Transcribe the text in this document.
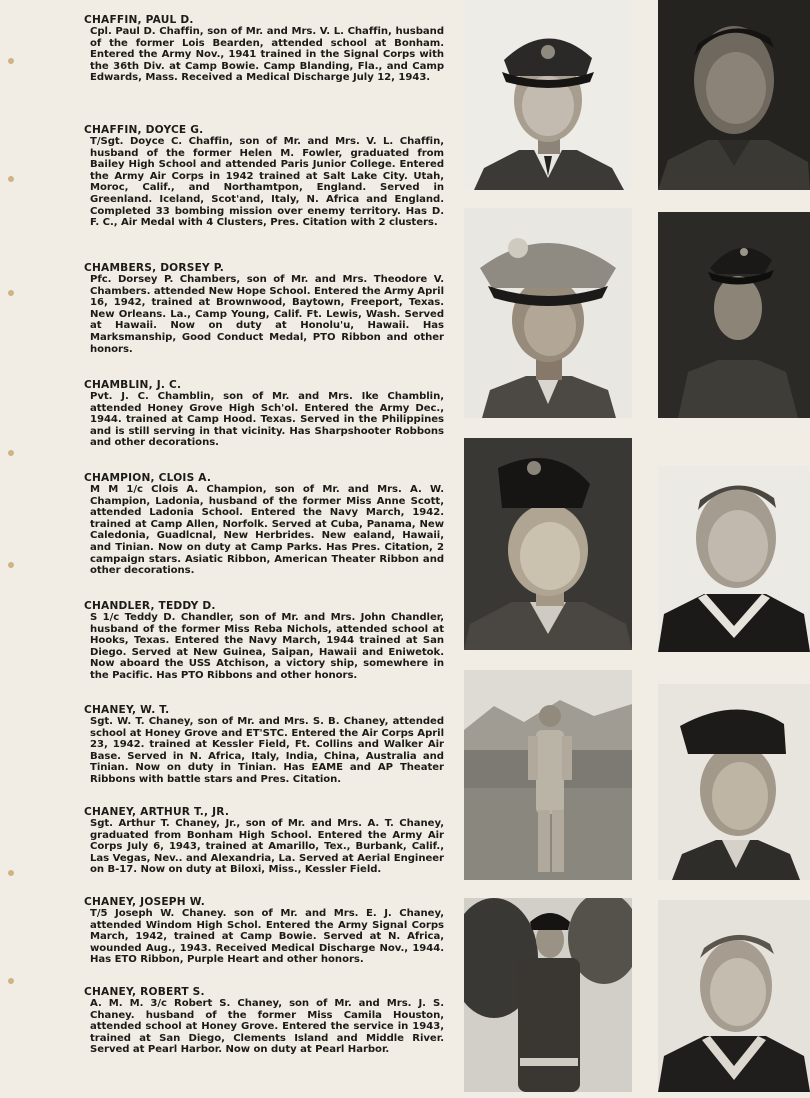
CHAFFIN, PAUL D.
Cpl. Paul D. Chaffin, son of Mr. and Mrs. V. L. Chaffin, husband of the former Lois Bearden, attended school at Bonham. Entered the Army Nov., 1941 trained in the Signal Corps with the 36th Div. at Camp Bowie. Camp Blanding, Fla., and Camp Edwards, Mass. Received a Medical Discharge July 12, 1943.
CHAFFIN, DOYCE G.
T/Sgt. Doyce C. Chaffin, son of Mr. and Mrs. V. L. Chaffin, husband of the former Helen M. Fowler, graduated from Bailey High School and attended Paris Junior College. Entered the Army Air Corps in 1942 trained at Salt Lake City. Utah, Moroc, Calif., and Northamtpon, England. Served in Greenland. Iceland, Scot'and, Italy, N. Africa and England. Completed 33 bombing mission over enemy territory. Has D. F. C., Air Medal with 4 Clusters, Pres. Citation with 2 clusters.
CHAMBERS, DORSEY P.
Pfc. Dorsey P. Chambers, son of Mr. and Mrs. Theodore V. Chambers. attended New Hope School. Entered the Army April 16, 1942, trained at Brownwood, Baytown, Freeport, Texas. New Orleans. La., Camp Young, Calif. Ft. Lewis, Wash. Served at Hawaii. Now on duty at Honolu'u, Hawaii. Has Marksmanship, Good Conduct Medal, PTO Ribbon and other honors.
CHAMBLIN, J. C.
Pvt. J. C. Chamblin, son of Mr. and Mrs. Ike Chamblin, attended Honey Grove High Sch'ol. Entered the Army Dec., 1944. trained at Camp Hood. Texas. Served in the Philippines and is still serving in that vicinity. Has Sharpshooter Robbons and other decorations.
CHAMPION, CLOIS A.
M M 1/c Clois A. Champion, son of Mr. and Mrs. A. W. Champion, Ladonia, husband of the former Miss Anne Scott, attended Ladonia School. Entered the Navy March, 1942. trained at Camp Allen, Norfolk. Served at Cuba, Panama, New Caledonia, Guadlcnal, New Herbrides. New ealand, Hawaii, and Tinian. Now on duty at Camp Parks. Has Pres. Citation, 2 campaign stars. Asiatic Ribbon, American Theater Ribbon and other decorations.
CHANDLER, TEDDY D.
S 1/c Teddy D. Chandler, son of Mr. and Mrs. John Chandler, husband of the former Miss Reba Nichols, attended school at Hooks, Texas. Entered the Navy March, 1944 trained at San Diego. Served at New Guinea, Saipan, Hawaii and Eniwetok. Now aboard the USS Atchison, a victory ship, somewhere in the Pacific. Has PTO Ribbons and other honors.
CHANEY, W. T.
Sgt. W. T. Chaney, son of Mr. and Mrs. S. B. Chaney, attended school at Honey Grove and ET'STC. Entered the Air Corps April 23, 1942. trained at Kessler Field, Ft. Collins and Walker Air Base. Served in N. Africa, Italy, India, China, Australia and Tinian. Now on duty in Tinian. Has EAME and AP Theater Ribbons with battle stars and Pres. Citation.
CHANEY, ARTHUR T., JR.
Sgt. Arthur T. Chaney, Jr., son of Mr. and Mrs. A. T. Chaney, graduated from Bonham High School. Entered the Army Air Corps July 6, 1943, trained at Amarillo, Tex., Burbank, Calif., Las Vegas, Nev.. and Alexandria, La. Served at Aerial Engineer on B-17. Now on duty at Biloxi, Miss., Kessler Field.
CHANEY, JOSEPH W.
T/5 Joseph W. Chaney. son of Mr. and Mrs. E. J. Chaney, attended Windom High Schol. Entered the Army Signal Corps March, 1942, trained at Camp Bowie. Served at N. Africa, wounded Aug., 1943. Received Medical Discharge Nov., 1944. Has ETO Ribbon, Purple Heart and other honors.
CHANEY, ROBERT S.
A. M. M. 3/c Robert S. Chaney, son of Mr. and Mrs. J. S. Chaney. husband of the former Miss Camila Houston, attended school at Honey Grove. Entered the service in 1943, trained at San Diego, Clements Island and Middle River. Served at Pearl Harbor. Now on duty at Pearl Harbor.
